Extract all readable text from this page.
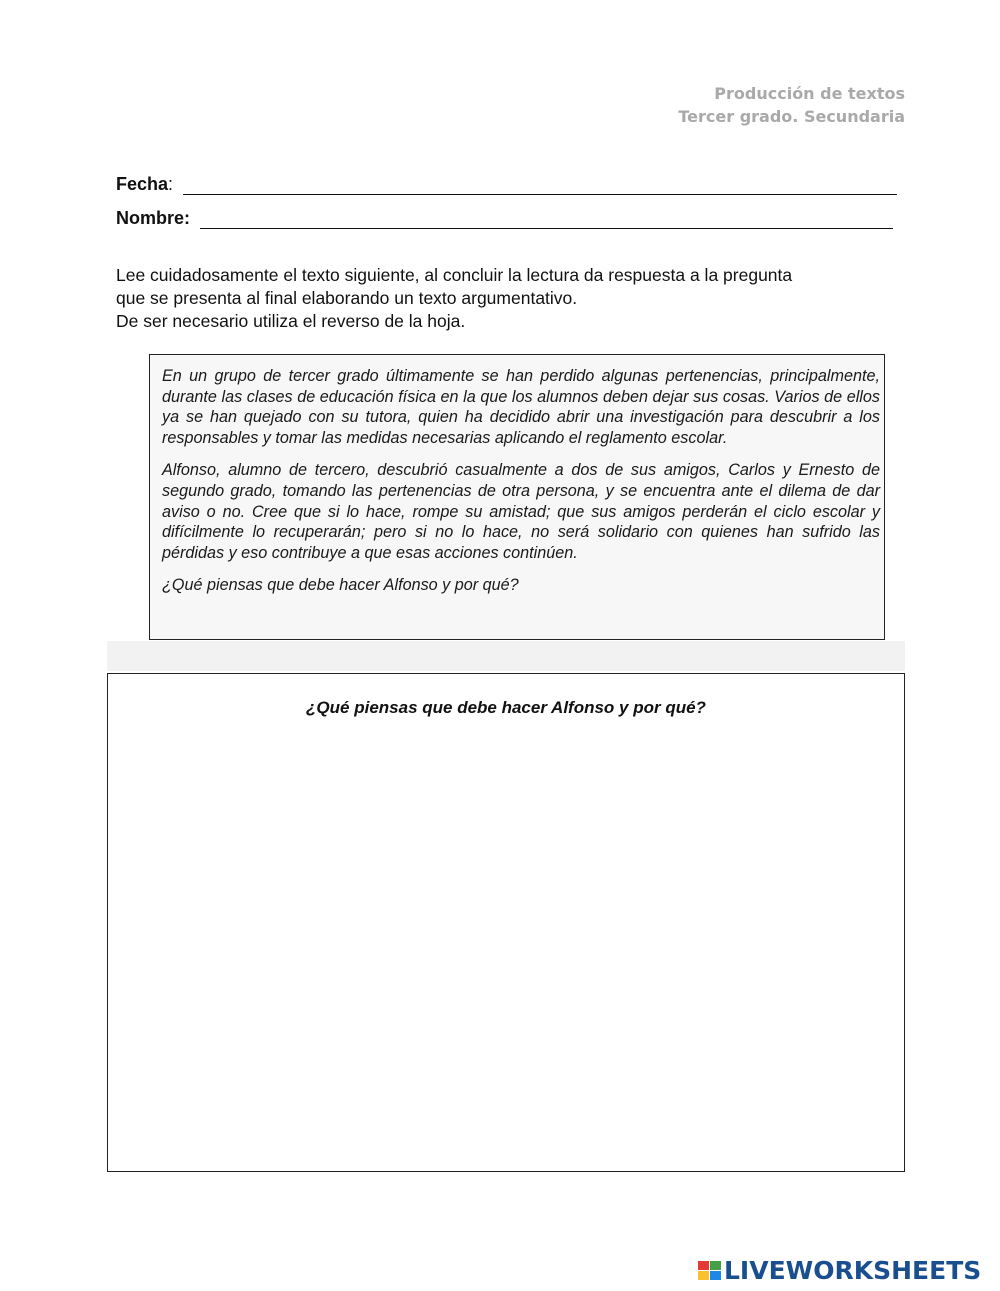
Producción de textos
Tercer grado. Secundaria
Fecha:
Nombre:

Lee cuidadosamente el texto siguiente, al concluir la lectura da respuesta a la pregunta

que se presenta al final elaborando un texto argumentativo.

De ser necesario utiliza el reverso de la hoja.

En un grupo de tercer grado últimamente se han perdido algunas pertenencias, principalmente, durante las clases de educación física en la que los alumnos deben dejar sus cosas. Varios de ellos ya se han quejado con su tutora, quien ha decidido abrir una investigación para descubrir a los responsables y tomar las medidas necesarias aplicando el reglamento escolar.

Alfonso, alumno de tercero, descubrió casualmente a dos de sus amigos, Carlos y Ernesto de segundo grado, tomando las pertenencias de otra persona, y se encuentra ante el dilema de dar aviso o no. Cree que si lo hace, rompe su amistad; que sus amigos perderán el ciclo escolar y difícilmente lo recuperarán; pero si no lo hace, no será solidario con quienes han sufrido las pérdidas y eso contribuye a que esas acciones continúen.

¿Qué piensas que debe hacer Alfonso y por qué?

¿Qué piensas que debe hacer Alfonso y por qué?
LIVEWORKSHEETS
